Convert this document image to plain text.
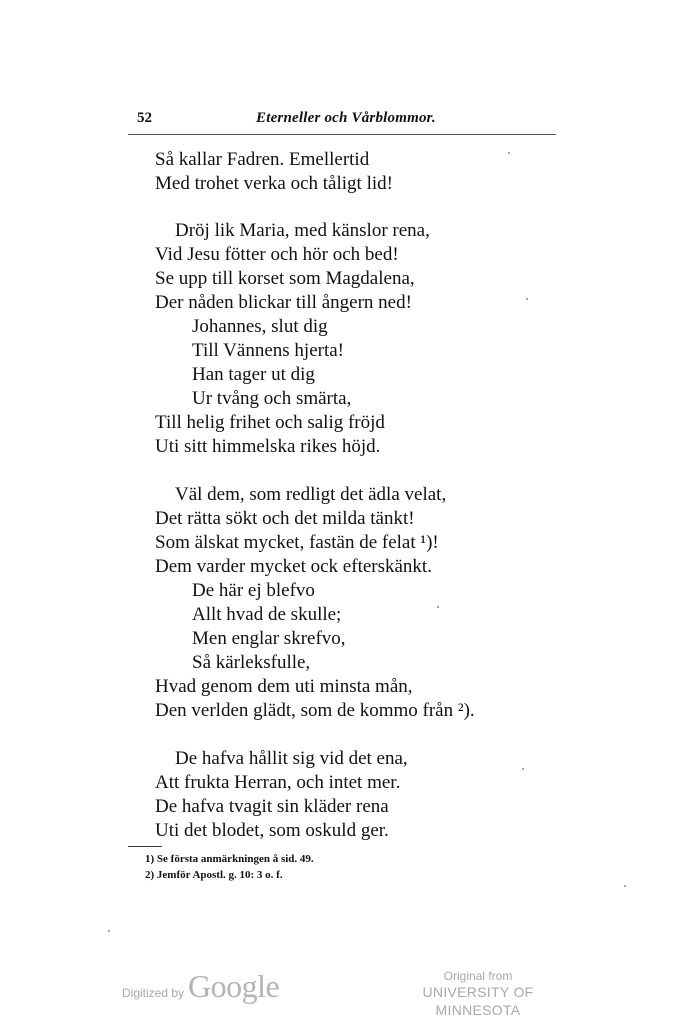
52	Eterneller och Vårblommor.
Så kallar Fadren. Emellertid
Med trohet verka och tåligt lid!
Dröj lik Maria, med känslor rena,
Vid Jesu fötter och hör och bed!
Se upp till korset som Magdalena,
Der nåden blickar till ångern ned!
Johannes, slut dig
Till Vännens hjerta!
Han tager ut dig
Ur tvång och smärta,
Till helig frihet och salig fröjd
Uti sitt himmelska rikes höjd.
Väl dem, som redligt det ädla velat,
Det rätta sökt och det milda tänkt!
Som älskat mycket, fastän de felat ¹)!
Dem varder mycket ock efterskänkt.
De här ej blefvo
Allt hvad de skulle;
Men englar skrefvo,
Så kärleksfulle,
Hvad genom dem uti minsta mån,
Den verlden glädt, som de kommo från ²).
De hafva hållit sig vid det ena,
Att frukta Herran, och intet mer.
De hafva tvagit sin kläder rena
Uti det blodet, som oskuld ger.
1) Se första anmärkningen å sid. 49.
2) Jemför Apostl. g. 10: 3 o. f.
Digitized by Google	Original from
UNIVERSITY OF MINNESOTA
